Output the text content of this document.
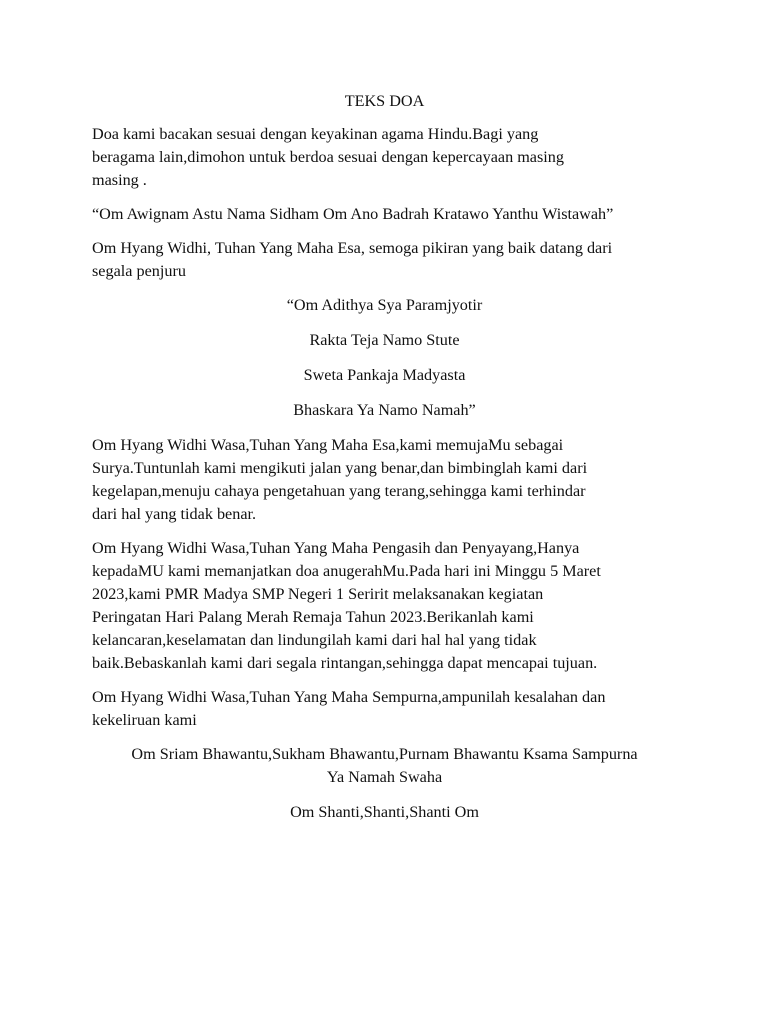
TEKS DOA

Doa kami bacakan sesuai dengan keyakinan agama Hindu.Bagi yang

beragama lain,dimohon untuk berdoa sesuai dengan kepercayaan masing

masing .

“Om Awignam Astu Nama Sidham Om Ano Badrah Kratawo Yanthu Wistawah”

Om Hyang Widhi, Tuhan Yang Maha Esa, semoga pikiran yang baik datang dari

segala penjuru

“Om Adithya Sya Paramjyotir

Rakta Teja Namo Stute

Sweta Pankaja Madyasta

Bhaskara Ya Namo Namah”

Om Hyang Widhi Wasa,Tuhan Yang Maha Esa,kami memujaMu sebagai

Surya.Tuntunlah kami mengikuti jalan yang benar,dan bimbinglah kami dari

kegelapan,menuju cahaya pengetahuan yang terang,sehingga kami terhindar

dari hal yang tidak benar.

Om Hyang Widhi Wasa,Tuhan Yang Maha Pengasih dan Penyayang,Hanya

kepadaMU kami memanjatkan doa anugerahMu.Pada hari ini Minggu 5 Maret

2023,kami PMR Madya SMP Negeri 1 Seririt melaksanakan kegiatan

Peringatan Hari Palang Merah Remaja Tahun 2023.Berikanlah kami

kelancaran,keselamatan dan lindungilah kami dari hal hal yang tidak

baik.Bebaskanlah kami dari segala rintangan,sehingga dapat mencapai tujuan.

Om Hyang Widhi Wasa,Tuhan Yang Maha Sempurna,ampunilah kesalahan dan

kekeliruan kami

Om Sriam Bhawantu,Sukham Bhawantu,Purnam Bhawantu Ksama Sampurna

Ya Namah Swaha

Om Shanti,Shanti,Shanti Om
